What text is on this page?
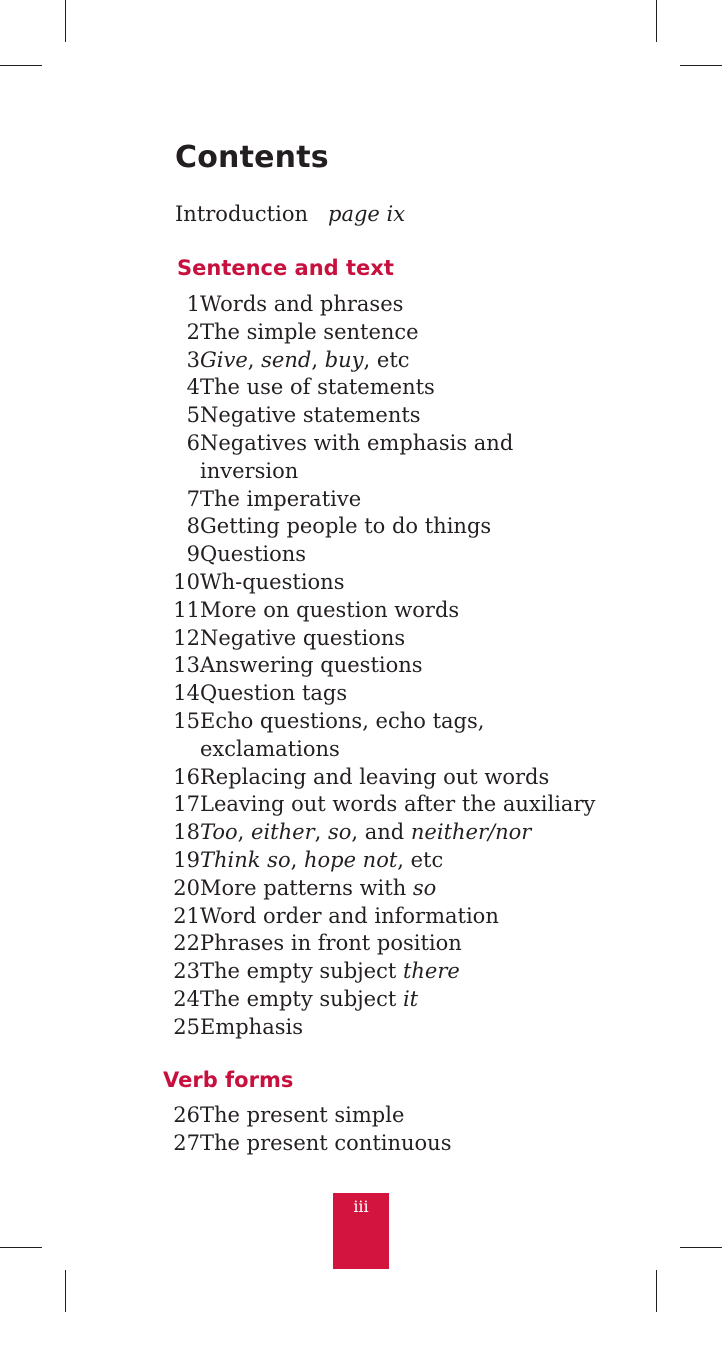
Contents
Introduction page ix
Sentence and text
1 Words and phrases
2 The simple sentence
3 Give, send, buy, etc
4 The use of statements
5 Negative statements
6 Negatives with emphasis and inversion
7 The imperative
8 Getting people to do things
9 Questions
10 Wh-questions
11 More on question words
12 Negative questions
13 Answering questions
14 Question tags
15 Echo questions, echo tags, exclamations
16 Replacing and leaving out words
17 Leaving out words after the auxiliary
18 Too, either, so, and neither/nor
19 Think so, hope not, etc
20 More patterns with so
21 Word order and information
22 Phrases in front position
23 The empty subject there
24 The empty subject it
25 Emphasis
Verb forms
26 The present simple
27 The present continuous
iii
